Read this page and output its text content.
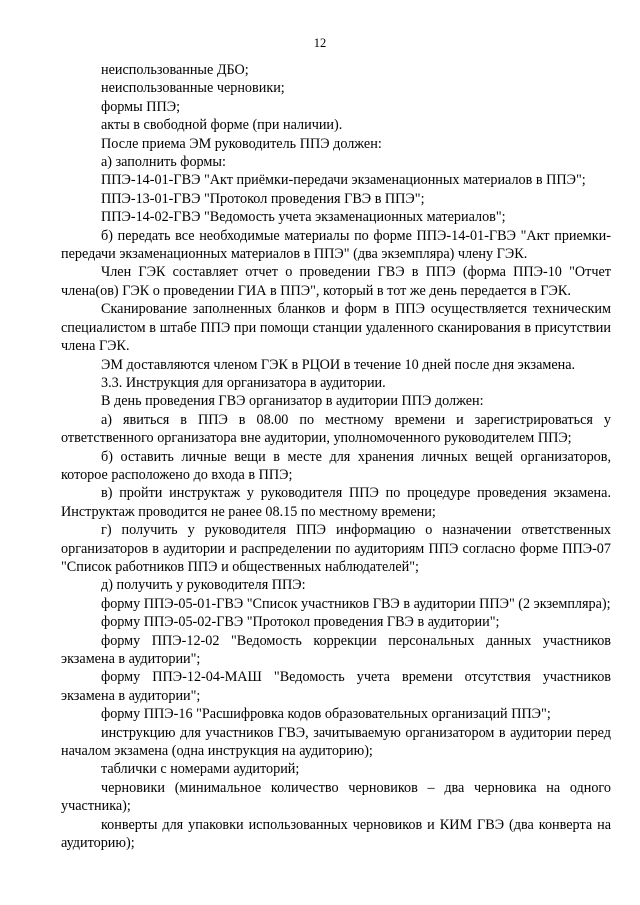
12

неиспользованные ДБО;

неиспользованные черновики;

формы ППЭ;

акты в свободной форме (при наличии).

После приема ЭМ руководитель ППЭ должен:

а) заполнить формы:

ППЭ-14-01-ГВЭ "Акт приёмки-передачи экзаменационных материалов в ППЭ";

ППЭ-13-01-ГВЭ "Протокол проведения ГВЭ в ППЭ";

ППЭ-14-02-ГВЭ "Ведомость учета экзаменационных материалов";

б) передать все необходимые материалы по форме ППЭ-14-01-ГВЭ "Акт приемки-передачи экзаменационных материалов в ППЭ" (два экземпляра) члену ГЭК.

Член ГЭК составляет отчет о проведении ГВЭ в ППЭ (форма ППЭ-10 "Отчет члена(ов) ГЭК о проведении ГИА в ППЭ", который в тот же день передается в ГЭК.

Сканирование заполненных бланков и форм в ППЭ осуществляется техническим специалистом в штабе ППЭ при помощи станции удаленного сканирования в присутствии члена ГЭК.

ЭМ доставляются членом ГЭК в РЦОИ в течение 10 дней после дня экзамена.

3.3. Инструкция для организатора в аудитории.

В день проведения ГВЭ организатор в аудитории ППЭ должен:

а) явиться в ППЭ в 08.00 по местному времени и зарегистрироваться у ответственного организатора вне аудитории, уполномоченного руководителем ППЭ;

б) оставить личные вещи в месте для хранения личных вещей организаторов, которое расположено до входа в ППЭ;

в) пройти инструктаж у руководителя ППЭ по процедуре проведения экзамена. Инструктаж проводится не ранее 08.15 по местному времени;

г) получить у руководителя ППЭ информацию о назначении ответственных организаторов в аудитории и распределении по аудиториям ППЭ согласно форме ППЭ-07 "Список работников ППЭ и общественных наблюдателей";

д) получить у руководителя ППЭ:

форму ППЭ-05-01-ГВЭ "Список участников ГВЭ в аудитории ППЭ" (2 экземпляра);

форму ППЭ-05-02-ГВЭ "Протокол проведения ГВЭ в аудитории";

форму ППЭ-12-02 "Ведомость коррекции персональных данных участников экзамена в аудитории";

форму ППЭ-12-04-МАШ "Ведомость учета времени отсутствия участников экзамена в аудитории";

форму ППЭ-16 "Расшифровка кодов образовательных организаций ППЭ";

инструкцию для участников ГВЭ, зачитываемую организатором в аудитории перед началом экзамена (одна инструкция на аудиторию);

таблички с номерами аудиторий;

черновики (минимальное количество черновиков – два черновика на одного участника);

конверты для упаковки использованных черновиков и КИМ ГВЭ (два конверта на аудиторию);
